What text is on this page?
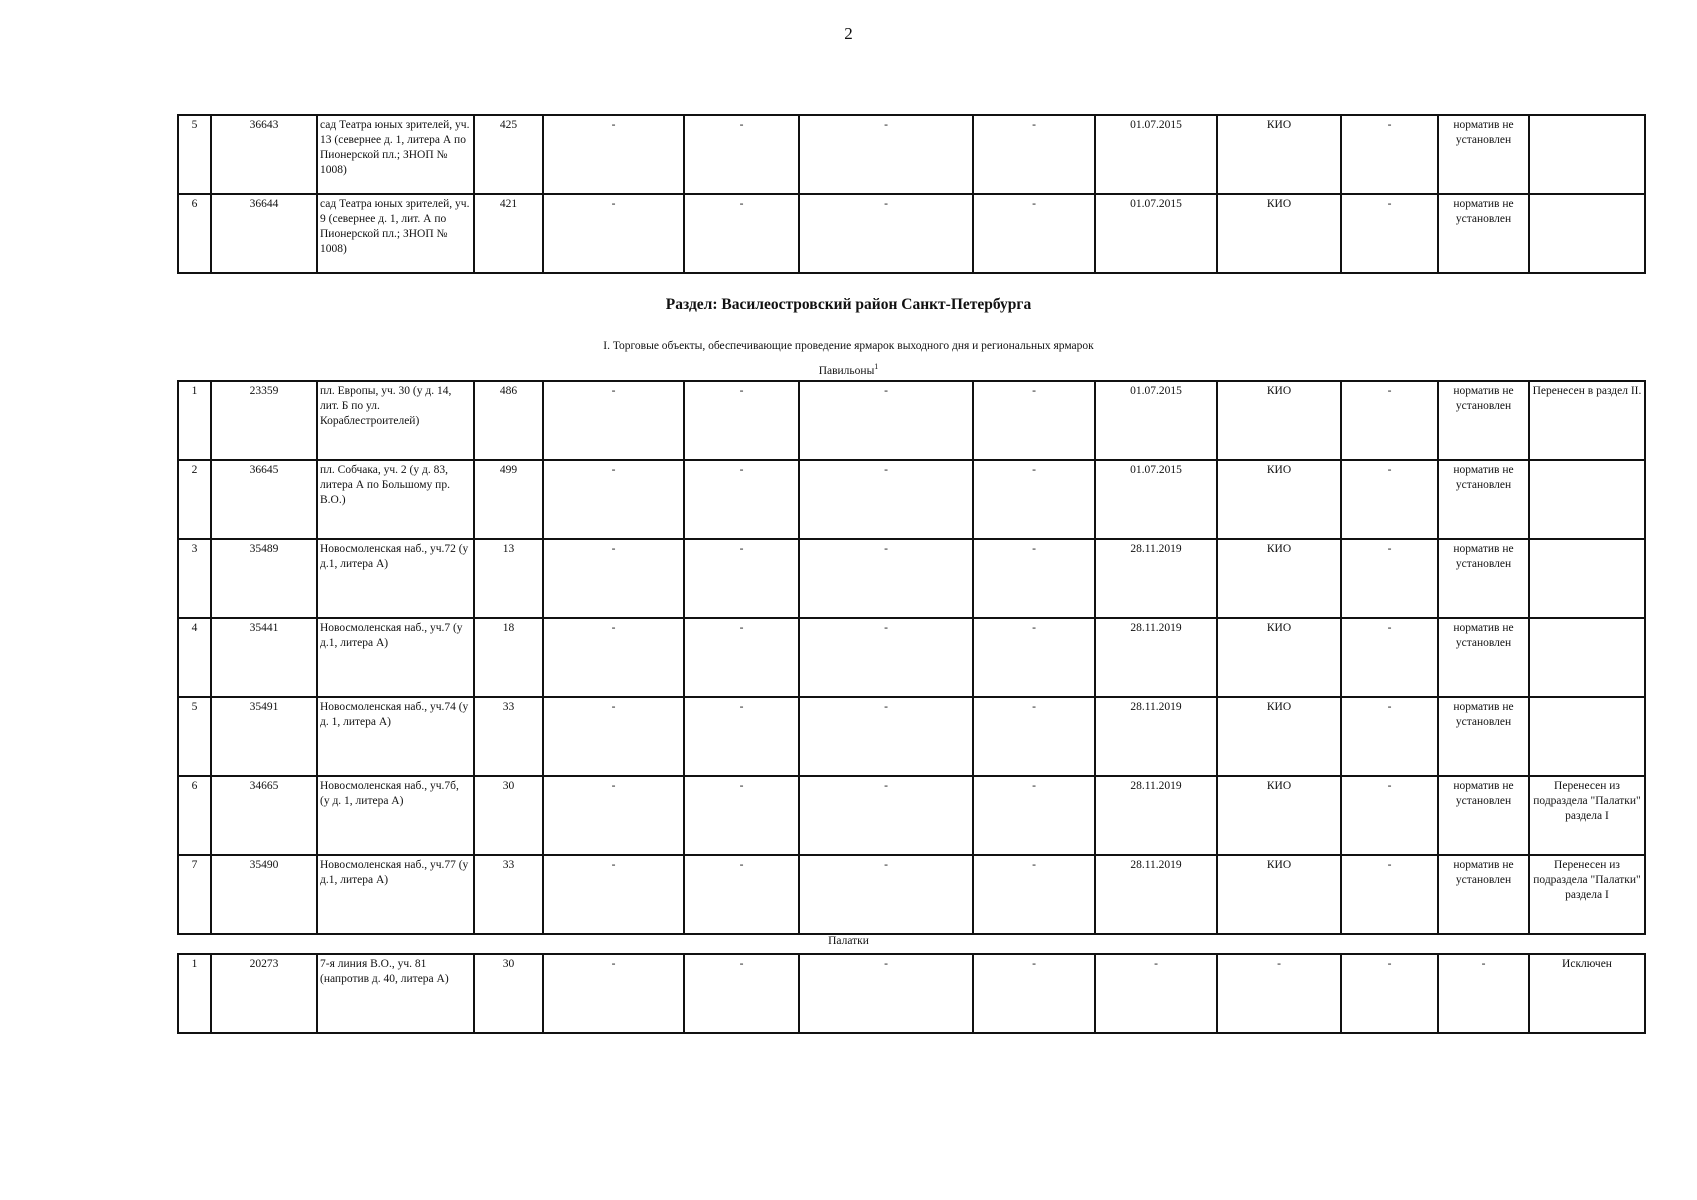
2
5	36643	сад Театра юных зрителей, уч. 13 (севернее д. 1, литера А по Пионерской пл.; ЗНОП № 1008)	425	-	-	-	-	01.07.2015	КИО	-	норматив не установлен	
6	36644	сад Театра юных зрителей, уч. 9 (севернее д. 1, лит. А по Пионерской пл.; ЗНОП № 1008)	421	-	-	-	-	01.07.2015	КИО	-	норматив не установлен	
Раздел: Василеостровский район Санкт-Петербурга
I. Торговые объекты, обеспечивающие проведение ярмарок выходного дня и региональных ярмарок
Павильоны$^1$
1	23359	пл. Европы, уч. 30 (у д. 14, лит. Б по ул. Кораблестроителей)	486	-	-	-	-	01.07.2015	КИО	-	норматив не установлен	Перенесен в раздел II.
2	36645	пл. Собчака, уч. 2 (у д. 83, литера А по Большому пр. В.О.)	499	-	-	-	-	01.07.2015	КИО	-	норматив не установлен	
3	35489	Новосмоленская наб., уч.72 (у д.1, литера А)	13	-	-	-	-	28.11.2019	КИО	-	норматив не установлен	
4	35441	Новосмоленская наб., уч.7 (у д.1, литера А)	18	-	-	-	-	28.11.2019	КИО	-	норматив не установлен	
5	35491	Новосмоленская наб., уч.74 (у д. 1, литера А)	33	-	-	-	-	28.11.2019	КИО	-	норматив не установлен	
6	34665	Новосмоленская наб., уч.7б, (у д. 1, литера А)	30	-	-	-	-	28.11.2019	КИО	-	норматив не установлен	Перенесен из подраздела "Палатки" раздела I
7	35490	Новосмоленская наб., уч.77 (у д.1, литера А)	33	-	-	-	-	28.11.2019	КИО	-	норматив не установлен	Перенесен из подраздела "Палатки" раздела I
Палатки
1	20273	7-я линия В.О., уч. 81 (напротив д. 40, литера А)	30	-	-	-	-	-	-	-	-	Исключен
